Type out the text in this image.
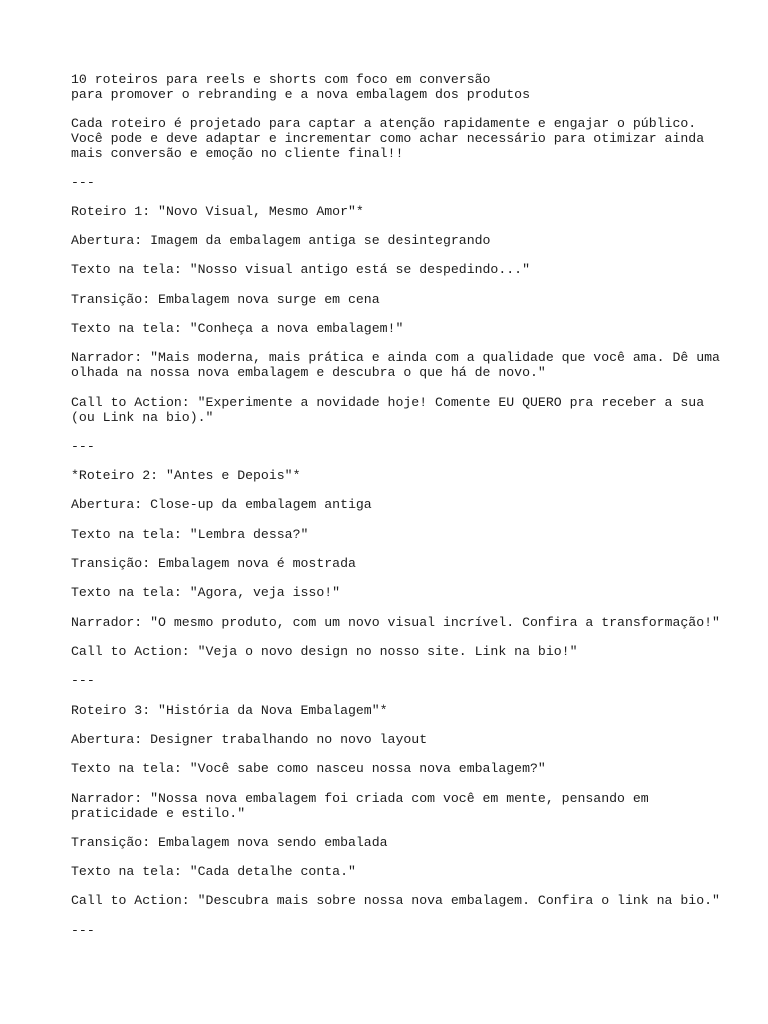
10 roteiros para reels e shorts com foco em conversão
para promover o rebranding e a nova embalagem dos produtos
Cada roteiro é projetado para captar a atenção rapidamente e engajar o público.
Você pode e deve adaptar e incrementar como achar necessário para otimizar ainda
mais conversão e emoção no cliente final!!
---
Roteiro 1: "Novo Visual, Mesmo Amor"*
Abertura: Imagem da embalagem antiga se desintegrando
Texto na tela: "Nosso visual antigo está se despedindo..."
Transição: Embalagem nova surge em cena
Texto na tela: "Conheça a nova embalagem!"
Narrador: "Mais moderna, mais prática e ainda com a qualidade que você ama. Dê uma
olhada na nossa nova embalagem e descubra o que há de novo."
Call to Action: "Experimente a novidade hoje! Comente EU QUERO pra receber a sua
(ou Link na bio)."
---
*Roteiro 2: "Antes e Depois"*
Abertura: Close-up da embalagem antiga
Texto na tela: "Lembra dessa?"
Transição: Embalagem nova é mostrada
Texto na tela: "Agora, veja isso!"
Narrador: "O mesmo produto, com um novo visual incrível. Confira a transformação!"
Call to Action: "Veja o novo design no nosso site. Link na bio!"
---
Roteiro 3: "História da Nova Embalagem"*
Abertura: Designer trabalhando no novo layout
Texto na tela: "Você sabe como nasceu nossa nova embalagem?"
Narrador: "Nossa nova embalagem foi criada com você em mente, pensando em
praticidade e estilo."
Transição: Embalagem nova sendo embalada
Texto na tela: "Cada detalhe conta."
Call to Action: "Descubra mais sobre nossa nova embalagem. Confira o link na bio."
---
